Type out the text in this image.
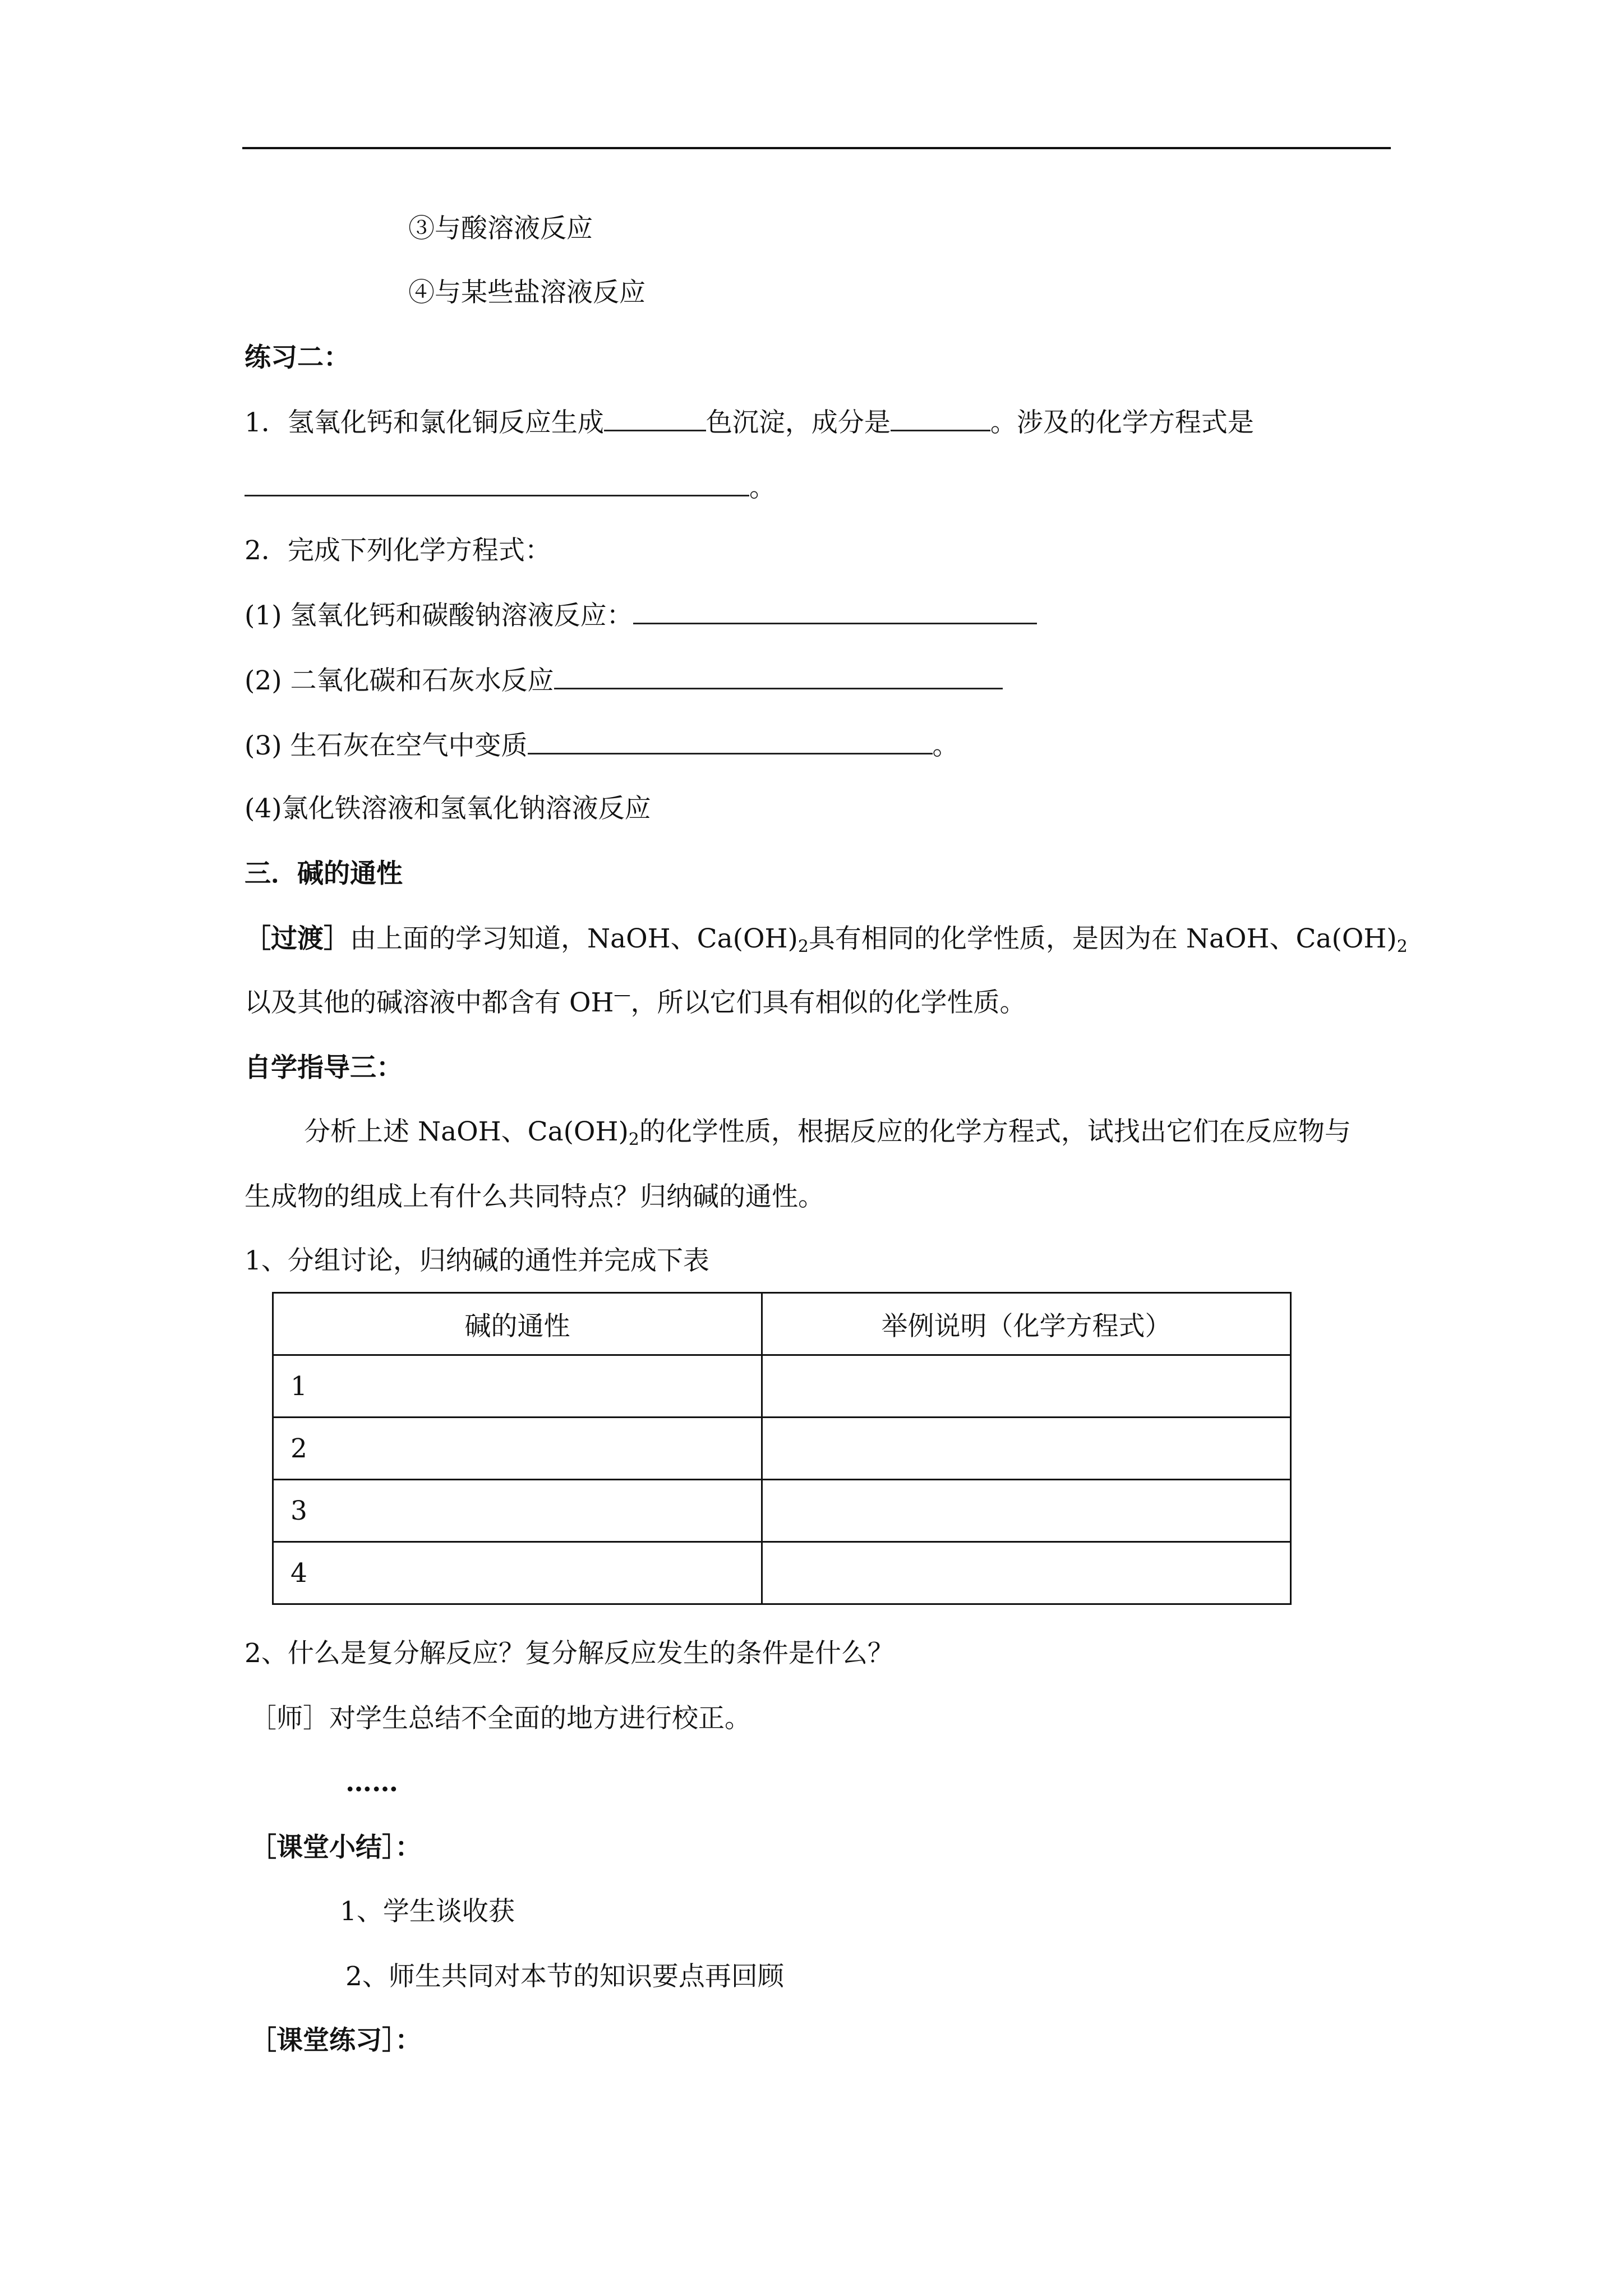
③与酸溶液反应
④与某些盐溶液反应
练习二：
1．氢氧化钙和氯化铜反应生成	色沉淀，成分是	。涉及的化学方程式是
。
2．完成下列化学方程式：
(1) 氢氧化钙和碳酸钠溶液反应：
(2) 二氧化碳和石灰水反应
(3) 生石灰在空气中变质	。
(4)氯化铁溶液和氢氧化钠溶液反应
三．碱的通性
［过渡］由上面的学习知道，NaOH、$Ca(OH)_2$具有相同的化学性质，是因为在 NaOH、$Ca(OH)_2$
以及其他的碱溶液中都含有 OH—，所以它们具有相似的化学性质。
自学指导三：
分析上述 NaOH、$Ca(OH)_2$的化学性质，根据反应的化学方程式，试找出它们在反应物与
生成物的组成上有什么共同特点？归纳碱的通性。
1、分组讨论，归纳碱的通性并完成下表
碱的通性	举例说明（化学方程式）
1	
2	
3	
4	
2、什么是复分解反应？复分解反应发生的条件是什么？
［师］对学生总结不全面的地方进行校正。
……
［课堂小结］：
1、学生谈收获
2、师生共同对本节的知识要点再回顾
［课堂练习］：
